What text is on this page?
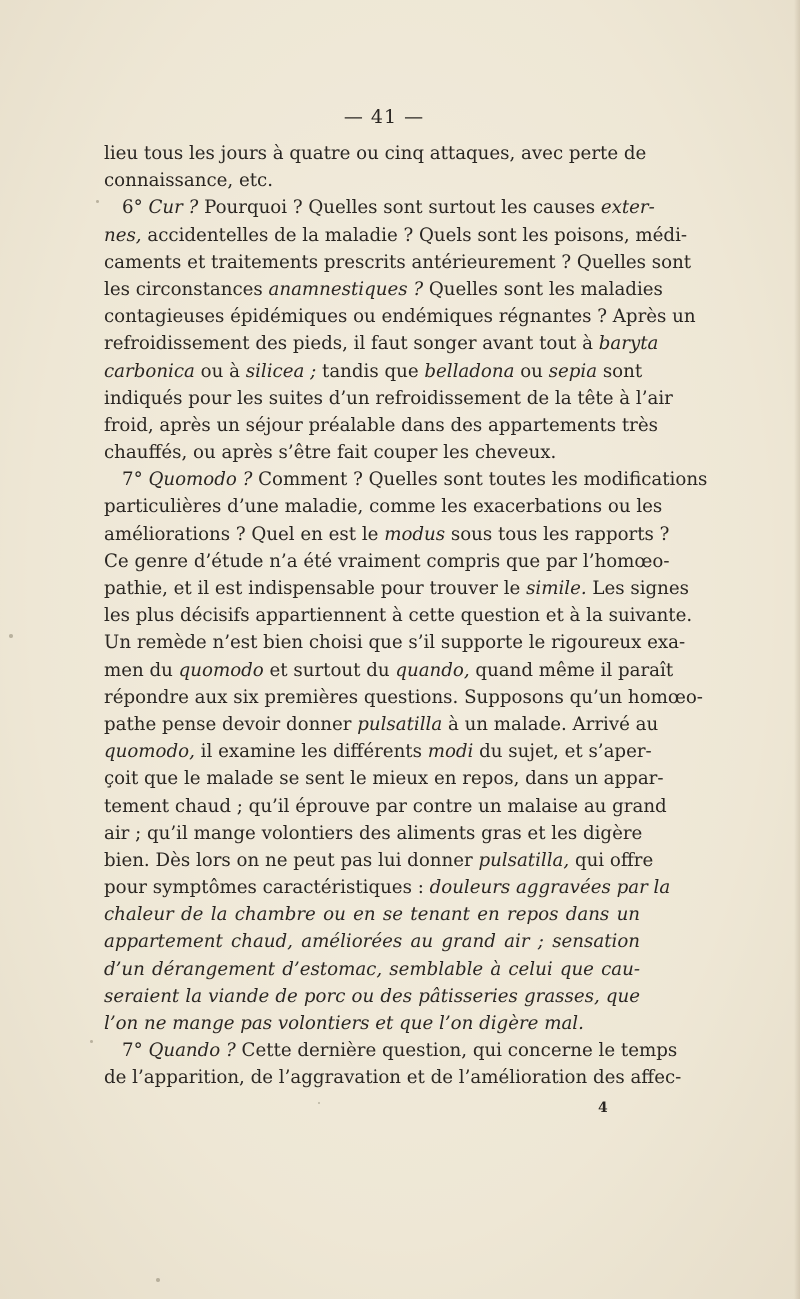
— 41 —
lieu tous les jours à quatre ou cinq attaques, avec perte de
connaissance, etc.
6° Cur ? Pourquoi ? Quelles sont surtout les causes exter-
nes, accidentelles de la maladie ? Quels sont les poisons, médi-
caments et traitements prescrits antérieurement ? Quelles sont
les circonstances anamnestiques ? Quelles sont les maladies
contagieuses épidémiques ou endémiques régnantes ? Après un
refroidissement des pieds, il faut songer avant tout à baryta
carbonica ou à silicea ; tandis que belladona ou sepia sont
indiqués pour les suites d’un refroidissement de la tête à l’air
froid, après un séjour préalable dans des appartements très
chauffés, ou après s’être fait couper les cheveux.
7° Quomodo ? Comment ? Quelles sont toutes les modifications
particulières d’une maladie, comme les exacerbations ou les
améliorations ? Quel en est le modus sous tous les rapports ?
Ce genre d’étude n’a été vraiment compris que par l’homœo-
pathie, et il est indispensable pour trouver le simile. Les signes
les plus décisifs appartiennent à cette question et à la suivante.
Un remède n’est bien choisi que s’il supporte le rigoureux exa-
men du quomodo et surtout du quando, quand même il paraît
répondre aux six premières questions. Supposons qu’un homœo-
pathe pense devoir donner pulsatilla à un malade. Arrivé au
quomodo, il examine les différents modi du sujet, et s’aper-
çoit que le malade se sent le mieux en repos, dans un appar-
tement chaud ; qu’il éprouve par contre un malaise au grand
air ; qu’il mange volontiers des aliments gras et les digère
bien. Dès lors on ne peut pas lui donner pulsatilla, qui offre
pour symptômes caractéristiques : douleurs aggravées par la
chaleur de la chambre ou en se tenant en repos dans un
appartement chaud, améliorées au grand air ; sensation
d’un dérangement d’estomac, semblable à celui que cau-
seraient la viande de porc ou des pâtisseries grasses, que
l’on ne mange pas volontiers et que l’on digère mal.
7° Quando ? Cette dernière question, qui concerne le temps
de l’apparition, de l’aggravation et de l’amélioration des affec-
4
